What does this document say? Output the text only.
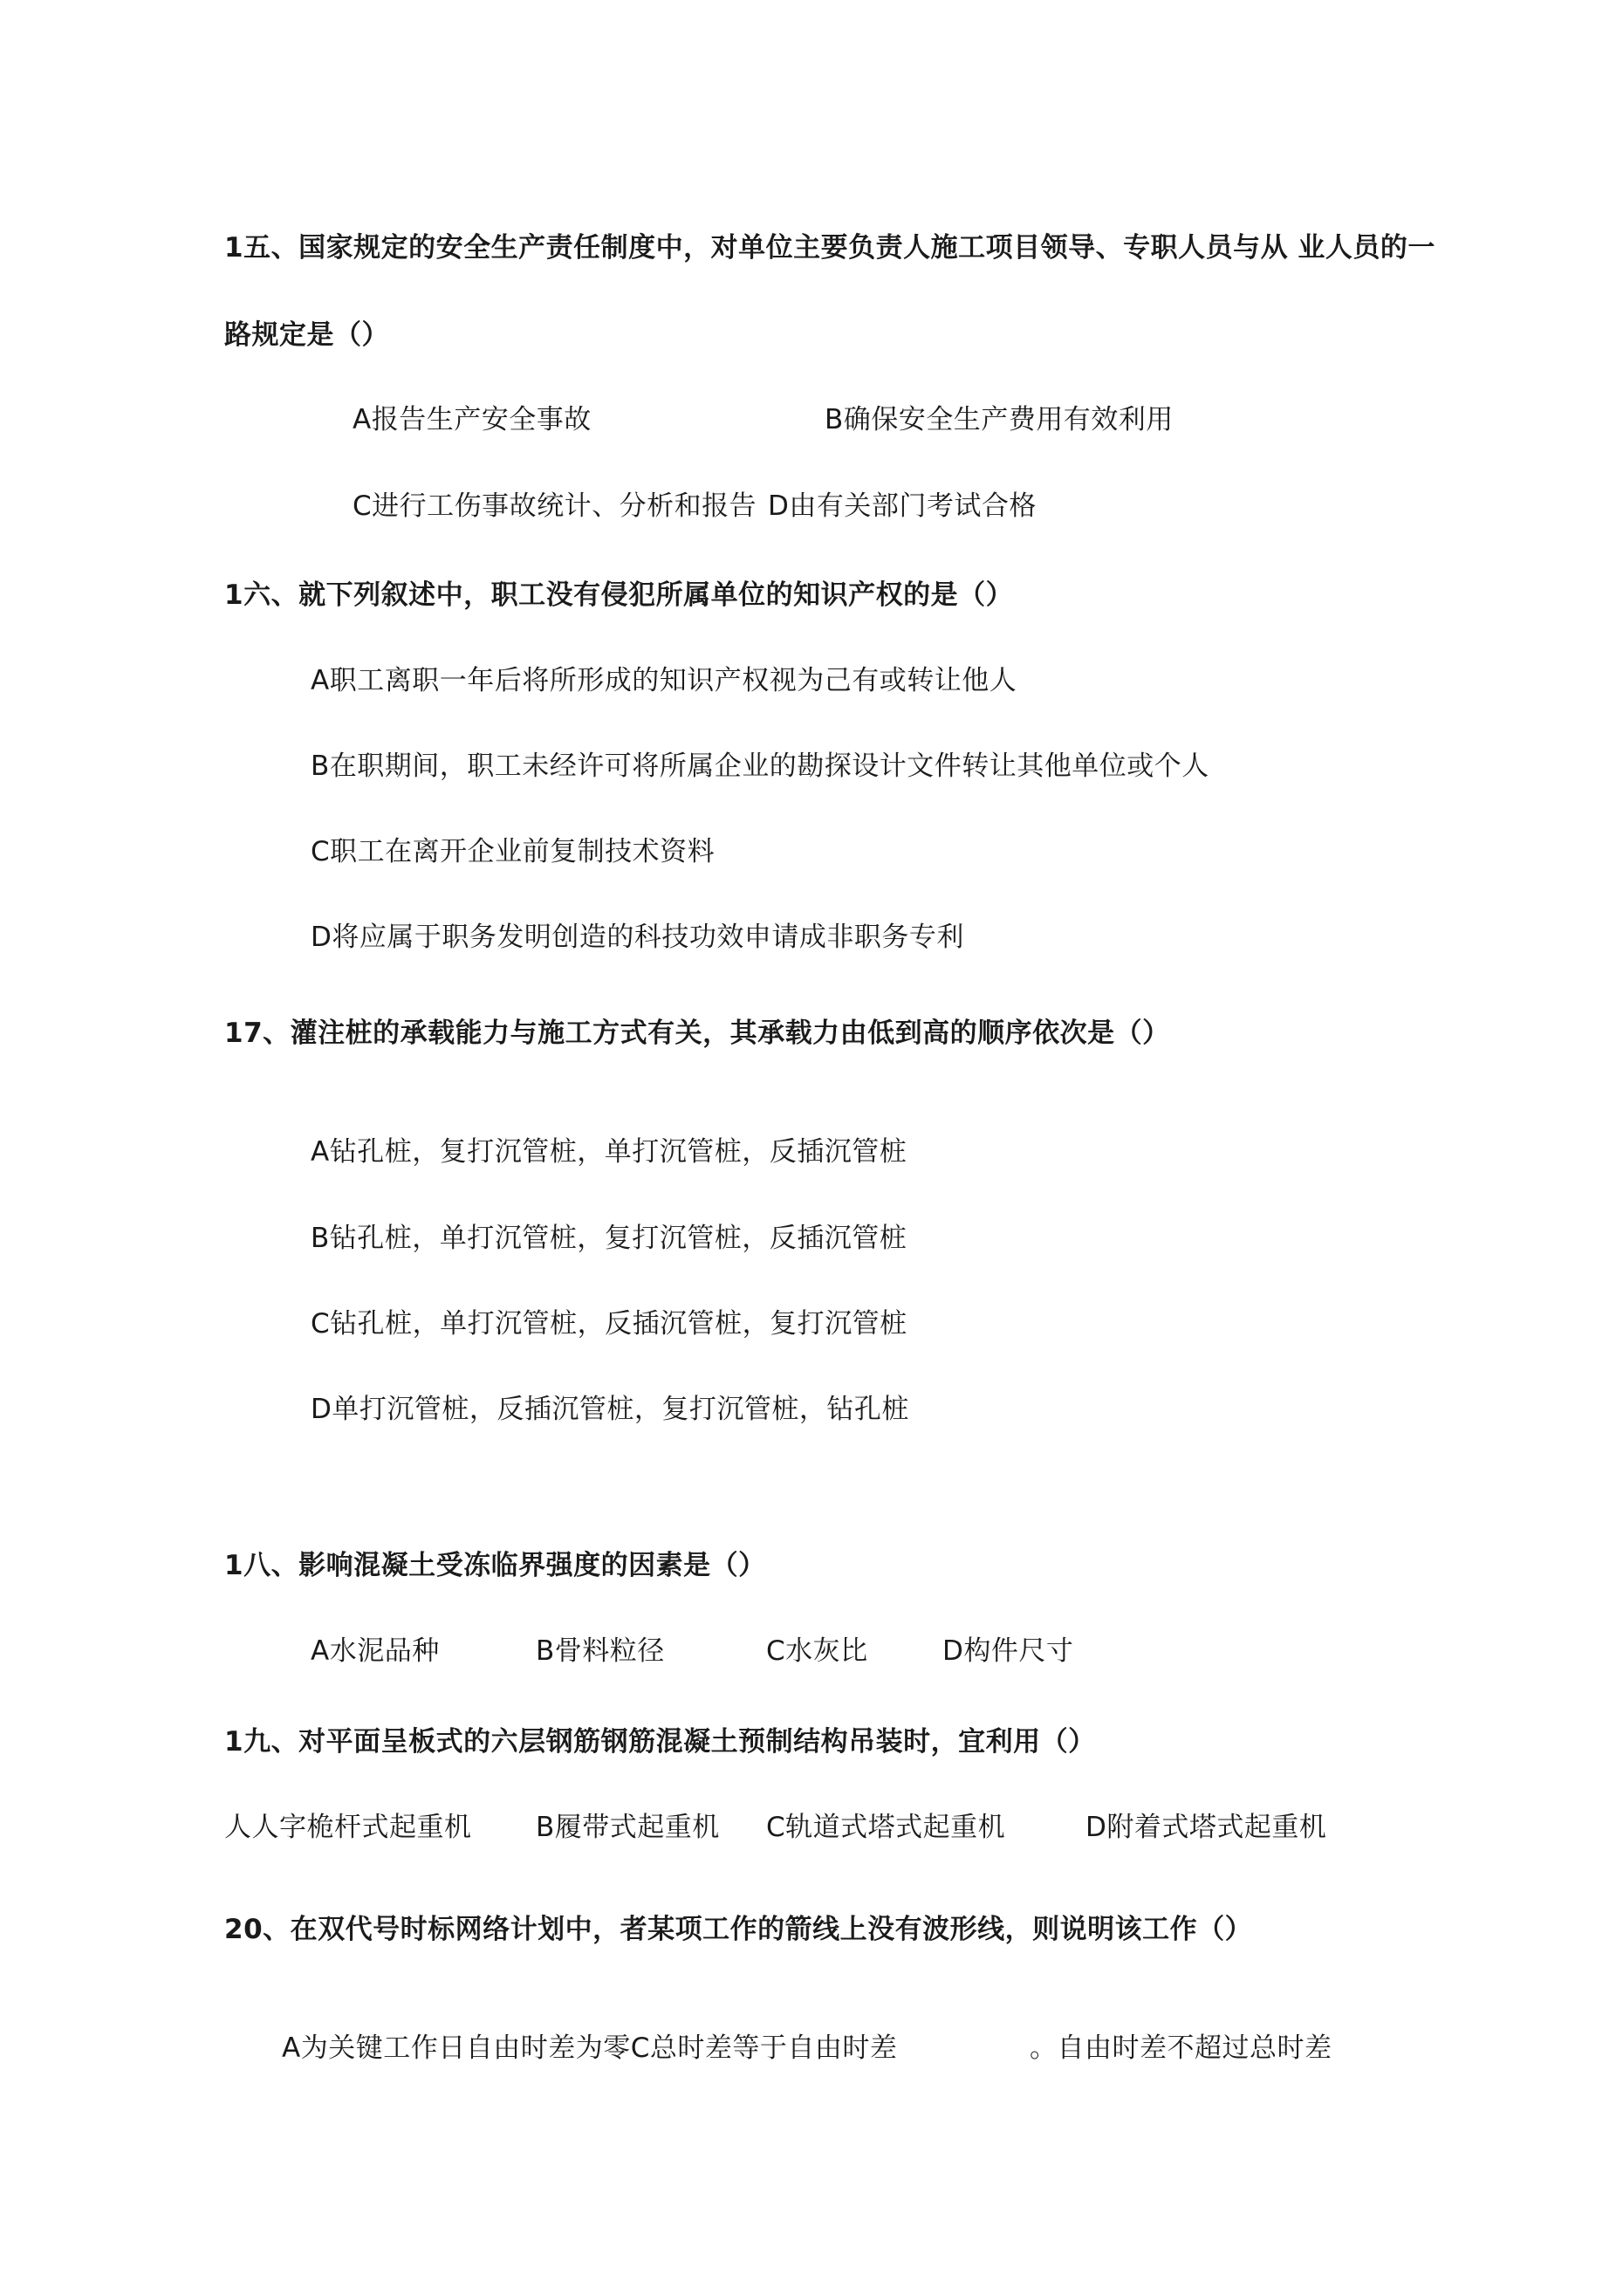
1五、国家规定的安全生产责任制度中，对单位主要负责人施工项目领导、专职人员与从 业人员的一
路规定是（）
A报告生产安全事故	B确保安全生产费用有效利用
C进行工伤事故统计、分析和报告 D由有关部门考试合格
1六、就下列叙述中，职工没有侵犯所属单位的知识产权的是（）
A职工离职一年后将所形成的知识产权视为己有或转让他人
B在职期间，职工未经许可将所属企业的勘探设计文件转让其他单位或个人
C职工在离开企业前复制技术资料
D将应属于职务发明创造的科技功效申请成非职务专利
17、灌注桩的承载能力与施工方式有关，其承载力由低到高的顺序依次是（）
A钻孔桩，复打沉管桩，单打沉管桩，反插沉管桩
B钻孔桩，单打沉管桩，复打沉管桩，反插沉管桩
C钻孔桩，单打沉管桩，反插沉管桩，复打沉管桩
D单打沉管桩，反插沉管桩，复打沉管桩，钻孔桩
1八、影响混凝土受冻临界强度的因素是（）
A水泥品种	B骨料粒径	C水灰比	D构件尺寸
1九、对平面呈板式的六层钢筋钢筋混凝土预制结构吊装时，宜利用（）
人人字桅杆式起重机 B履带式起重机 C轨道式塔式起重机	D附着式塔式起重机
20、在双代号时标网络计划中，者某项工作的箭线上没有波形线，则说明该工作（）
A为关键工作日自由时差为零C总时差等于自由时差	。自由时差不超过总时差
